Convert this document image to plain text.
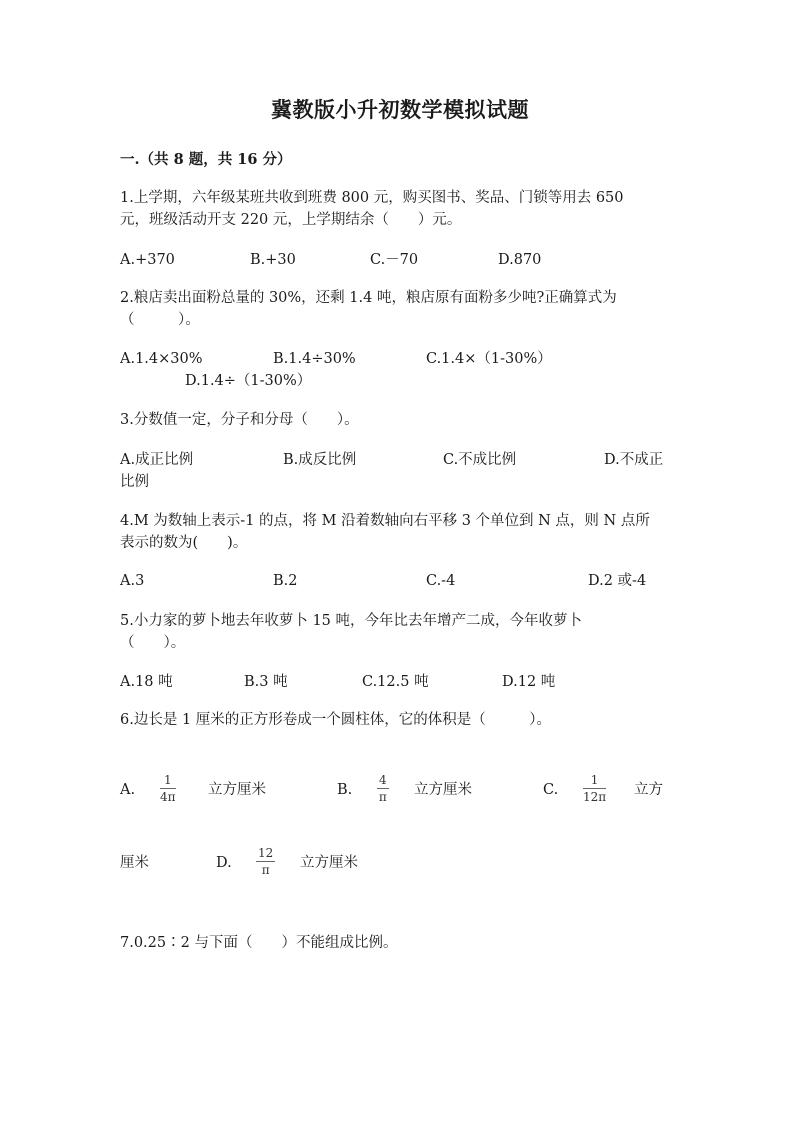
冀教版小升初数学模拟试题
一.（共 8 题，共 16 分）
1.上学期，六年级某班共收到班费 800 元，购买图书、奖品、门锁等用去 650
元，班级活动开支 220 元，上学期结余（　　）元。
A.+370	B.+30	C.－70	D.870
2.粮店卖出面粉总量的 30%，还剩 1.4 吨，粮店原有面粉多少吨?正确算式为
（　　　）。
A.1.4×30%	B.1.4÷30%	C.1.4×（1-30%）
D.1.4÷（1-30%）
3.分数值一定，分子和分母（　　）。
A.成正比例	B.成反比例	C.不成比例	D.不成正
比例
4.M 为数轴上表示-1 的点，将 M 沿着数轴向右平移 3 个单位到 N 点，则 N 点所
表示的数为(　　)。
A.3	B.2	C.-4	D.2 或-4
5.小力家的萝卜地去年收萝卜 15 吨，今年比去年增产二成，今年收萝卜
（　　）。
A.18 吨	B.3 吨	C.12.5 吨	D.12 吨
6.边长是 1 厘米的正方形卷成一个圆柱体，它的体积是（　　　）。
A.
1
4π 立方厘米	B.
4
π 立方厘米	C.
1
12π 立方
厘米	D.
12
π 立方厘米
7.0.25∶2 与下面（　　）不能组成比例。
